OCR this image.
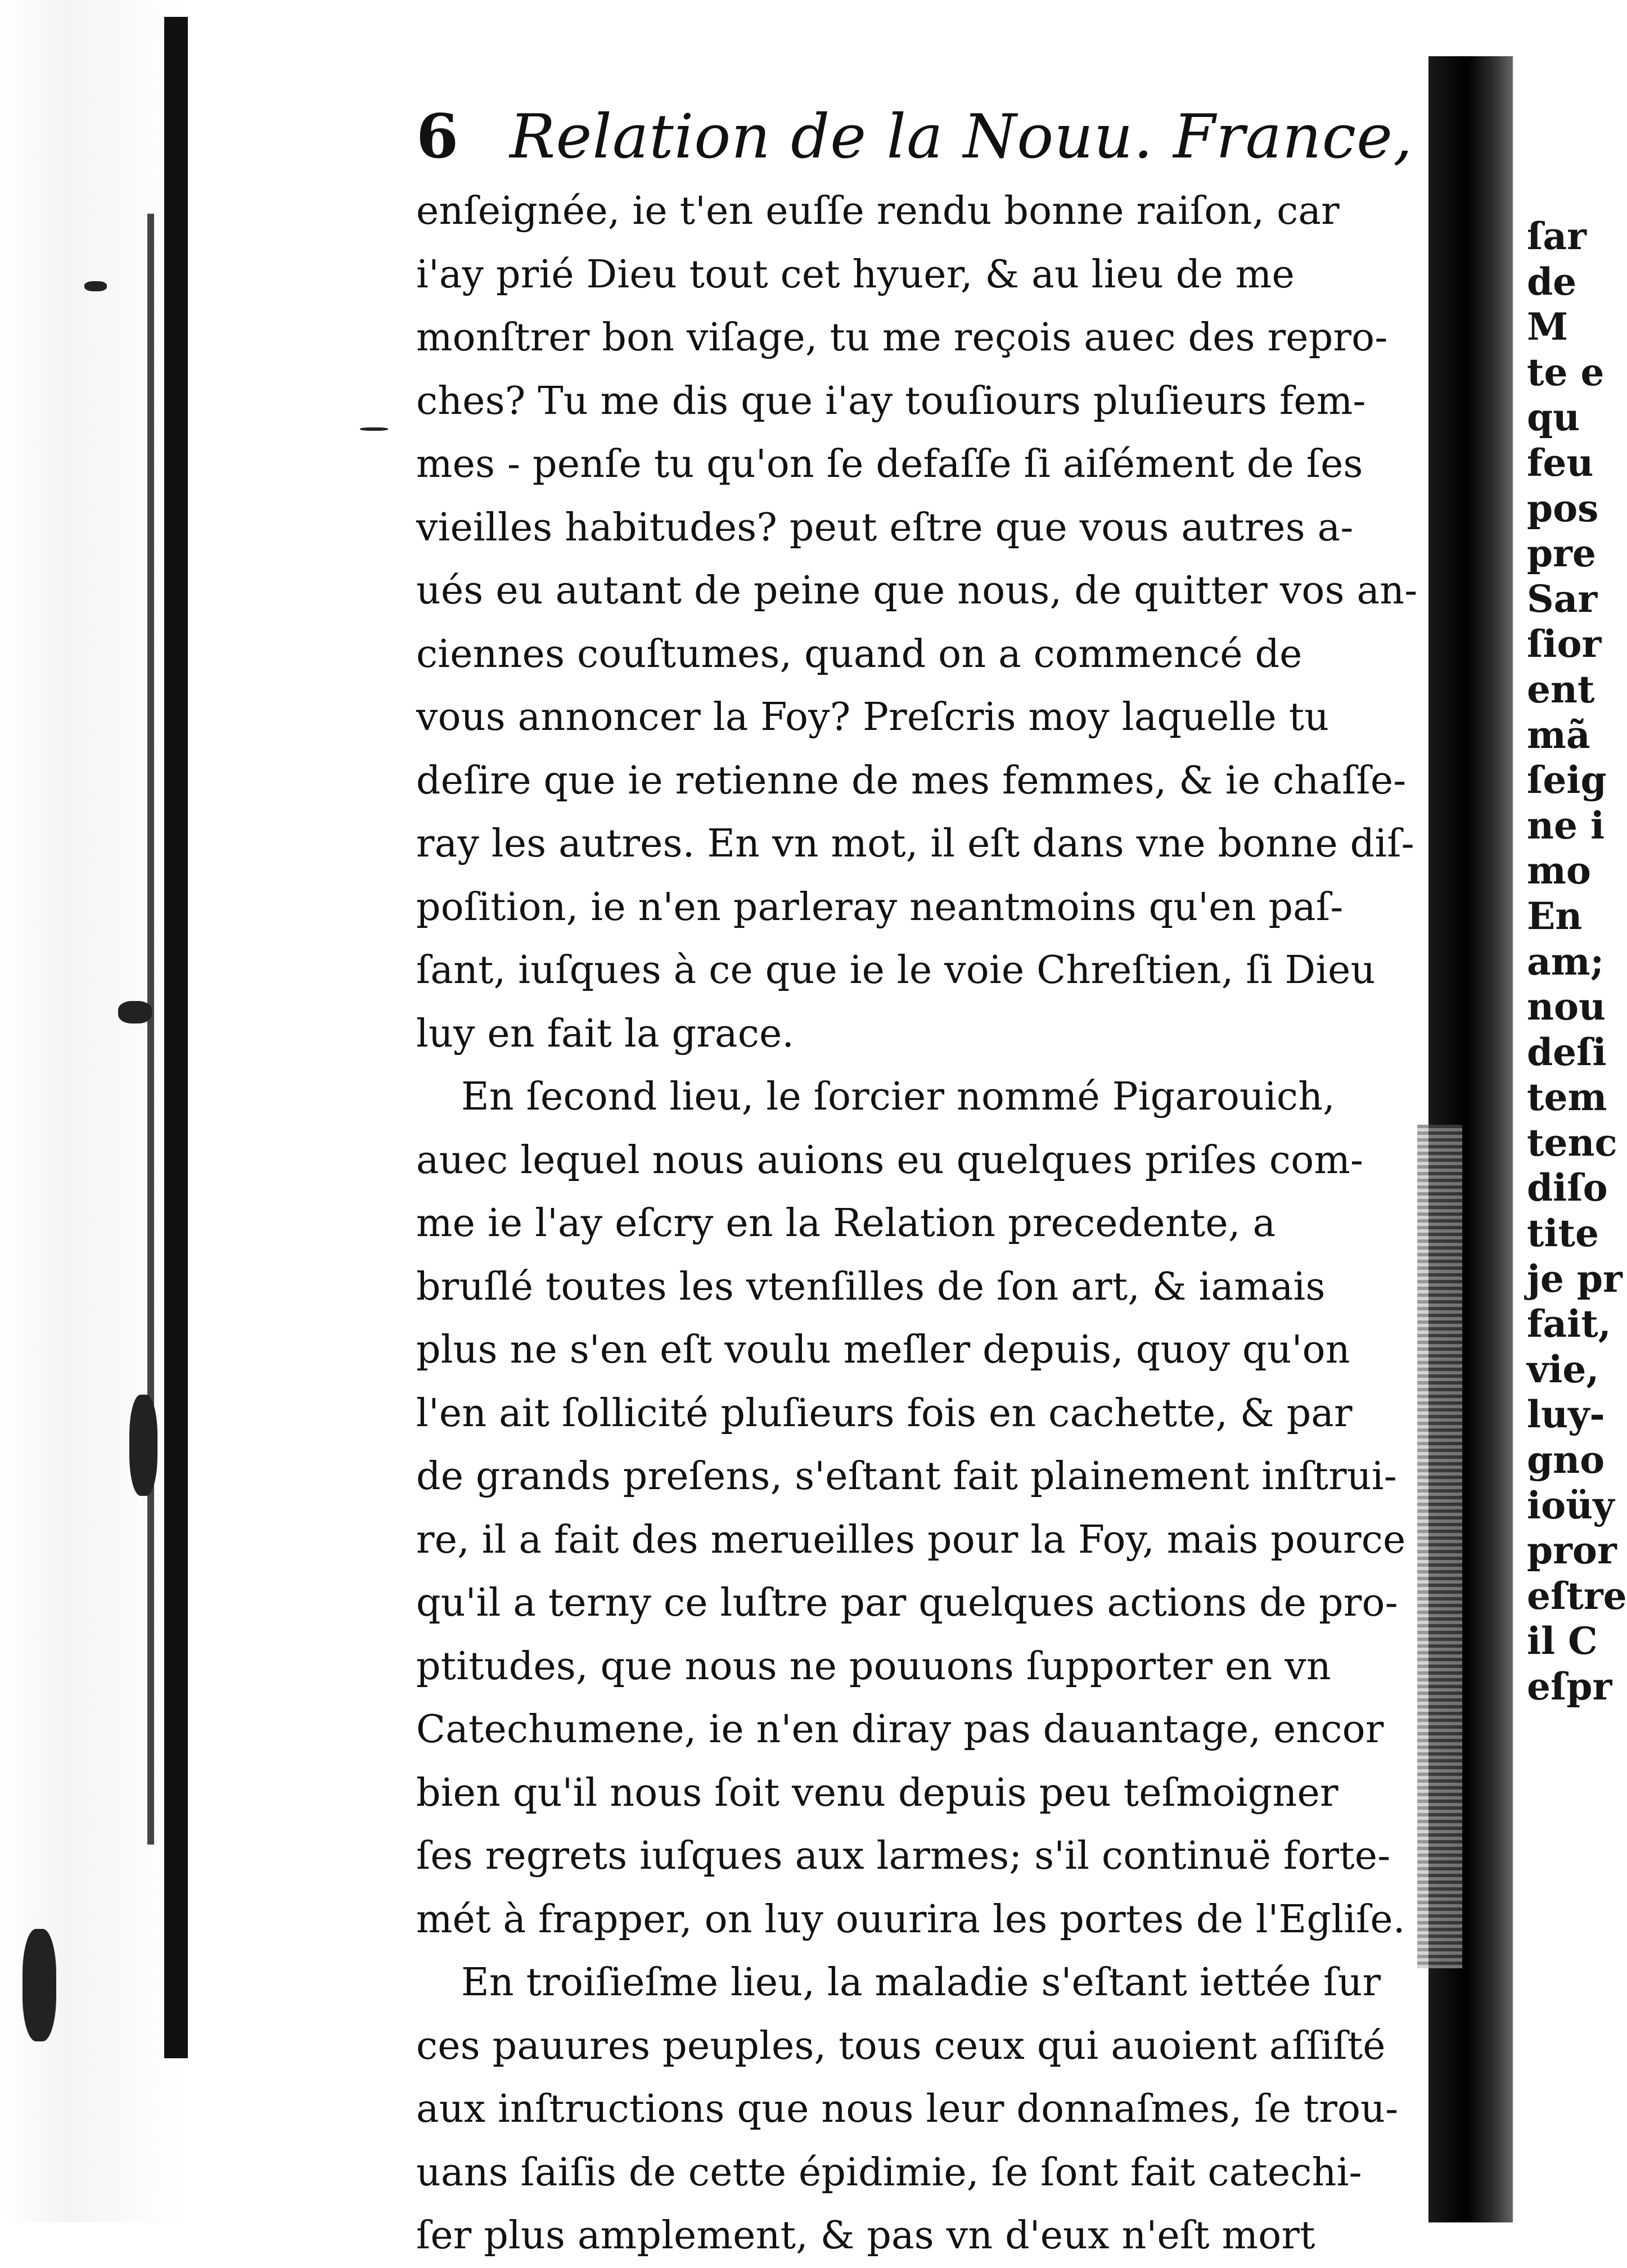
6 Relation de la Nouu. France,
enſeignée, ie t'en euſſe rendu bonne raiſon, car
i'ay prié Dieu tout cet hyuer, & au lieu de me
monſtrer bon viſage, tu me reçois auec des repro-
ches? Tu me dis que i'ay touſiours pluſieurs fem-
mes - penſe tu qu'on ſe defaſſe ſi aiſément de ſes
vieilles habitudes? peut eſtre que vous autres a-
ués eu autant de peine que nous, de quitter vos an-
ciennes couſtumes, quand on a commencé de
vous annoncer la Foy? Preſcris moy laquelle tu
deſire que ie retienne de mes femmes, & ie chaſſe-
ray les autres. En vn mot, il eſt dans vne bonne diſ-
poſition, ie n'en parleray neantmoins qu'en paſ-
ſant, iuſques à ce que ie le voie Chreſtien, ſi Dieu
luy en fait la grace.
En ſecond lieu, le ſorcier nommé Pigarouich,
auec lequel nous auions eu quelques priſes com-
me ie l'ay eſcry en la Relation precedente, a
bruſlé toutes les vtenſilles de ſon art, & iamais
plus ne s'en eſt voulu meſler depuis, quoy qu'on
l'en ait ſollicité pluſieurs fois en cachette, & par
de grands preſens, s'eſtant fait plainement inſtrui-
re, il a fait des merueilles pour la Foy, mais pource
qu'il a terny ce luſtre par quelques actions de pro-
ptitudes, que nous ne pouuons ſupporter en vn
Catechumene, ie n'en diray pas dauantage, encor
bien qu'il nous ſoit venu depuis peu teſmoigner
ſes regrets iuſques aux larmes; s'il continuë forte-
mét à frapper, on luy ouurira les portes de l'Egliſe.
En troiſieſme lieu, la maladie s'eſtant iettée ſur
ces pauures peuples, tous ceux qui auoient aſſiſté
aux inſtructions que nous leur donnaſmes, ſe trou-
uans ſaiſis de cette épidimie, ſe ſont fait catechi-
ſer plus amplement, & pas vn d'eux n'eſt mort
ſar
de
M
te e
qu
feu
pos
pre
Sar
ſior
ent
mã
ſeig
ne i
mo
En
am;
nou
deſi
tem
tenc
diſo
tite
je pr
fait,
vie,
luy-
gno
ioüy
pror
eſtre
il C
eſpr
